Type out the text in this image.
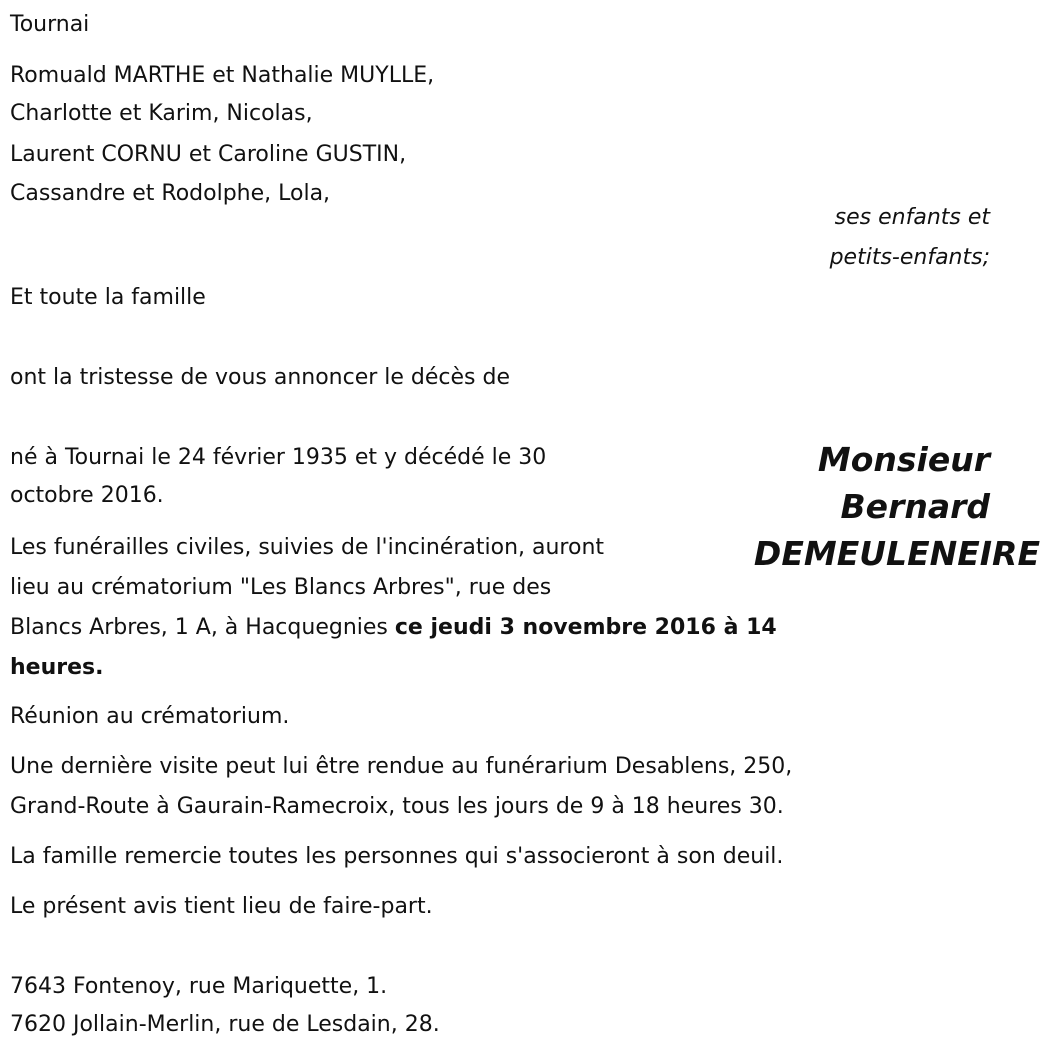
Tournai
Romuald MARTHE et Nathalie MUYLLE,
Charlotte et Karim, Nicolas,
Laurent CORNU et Caroline GUSTIN,
Cassandre et Rodolphe, Lola,
ses enfants et
petits-enfants;
Et toute la famille
ont la tristesse de vous annoncer le décès de
Monsieur
Bernard
DEMEULENEIRE
né à Tournai le 24 février 1935 et y décédé le 30
octobre 2016.
Les funérailles civiles, suivies de l'incinération, auront
lieu au crématorium "Les Blancs Arbres", rue des
Blancs Arbres, 1 A, à Hacquegnies ce jeudi 3 novembre 2016 à 14
heures.
Réunion au crématorium.
Une dernière visite peut lui être rendue au funérarium Desablens, 250,
Grand-Route à Gaurain-Ramecroix, tous les jours de 9 à 18 heures 30.
La famille remercie toutes les personnes qui s'associeront à son deuil.
Le présent avis tient lieu de faire-part.
7643 Fontenoy, rue Mariquette, 1.
7620 Jollain-Merlin, rue de Lesdain, 28.
